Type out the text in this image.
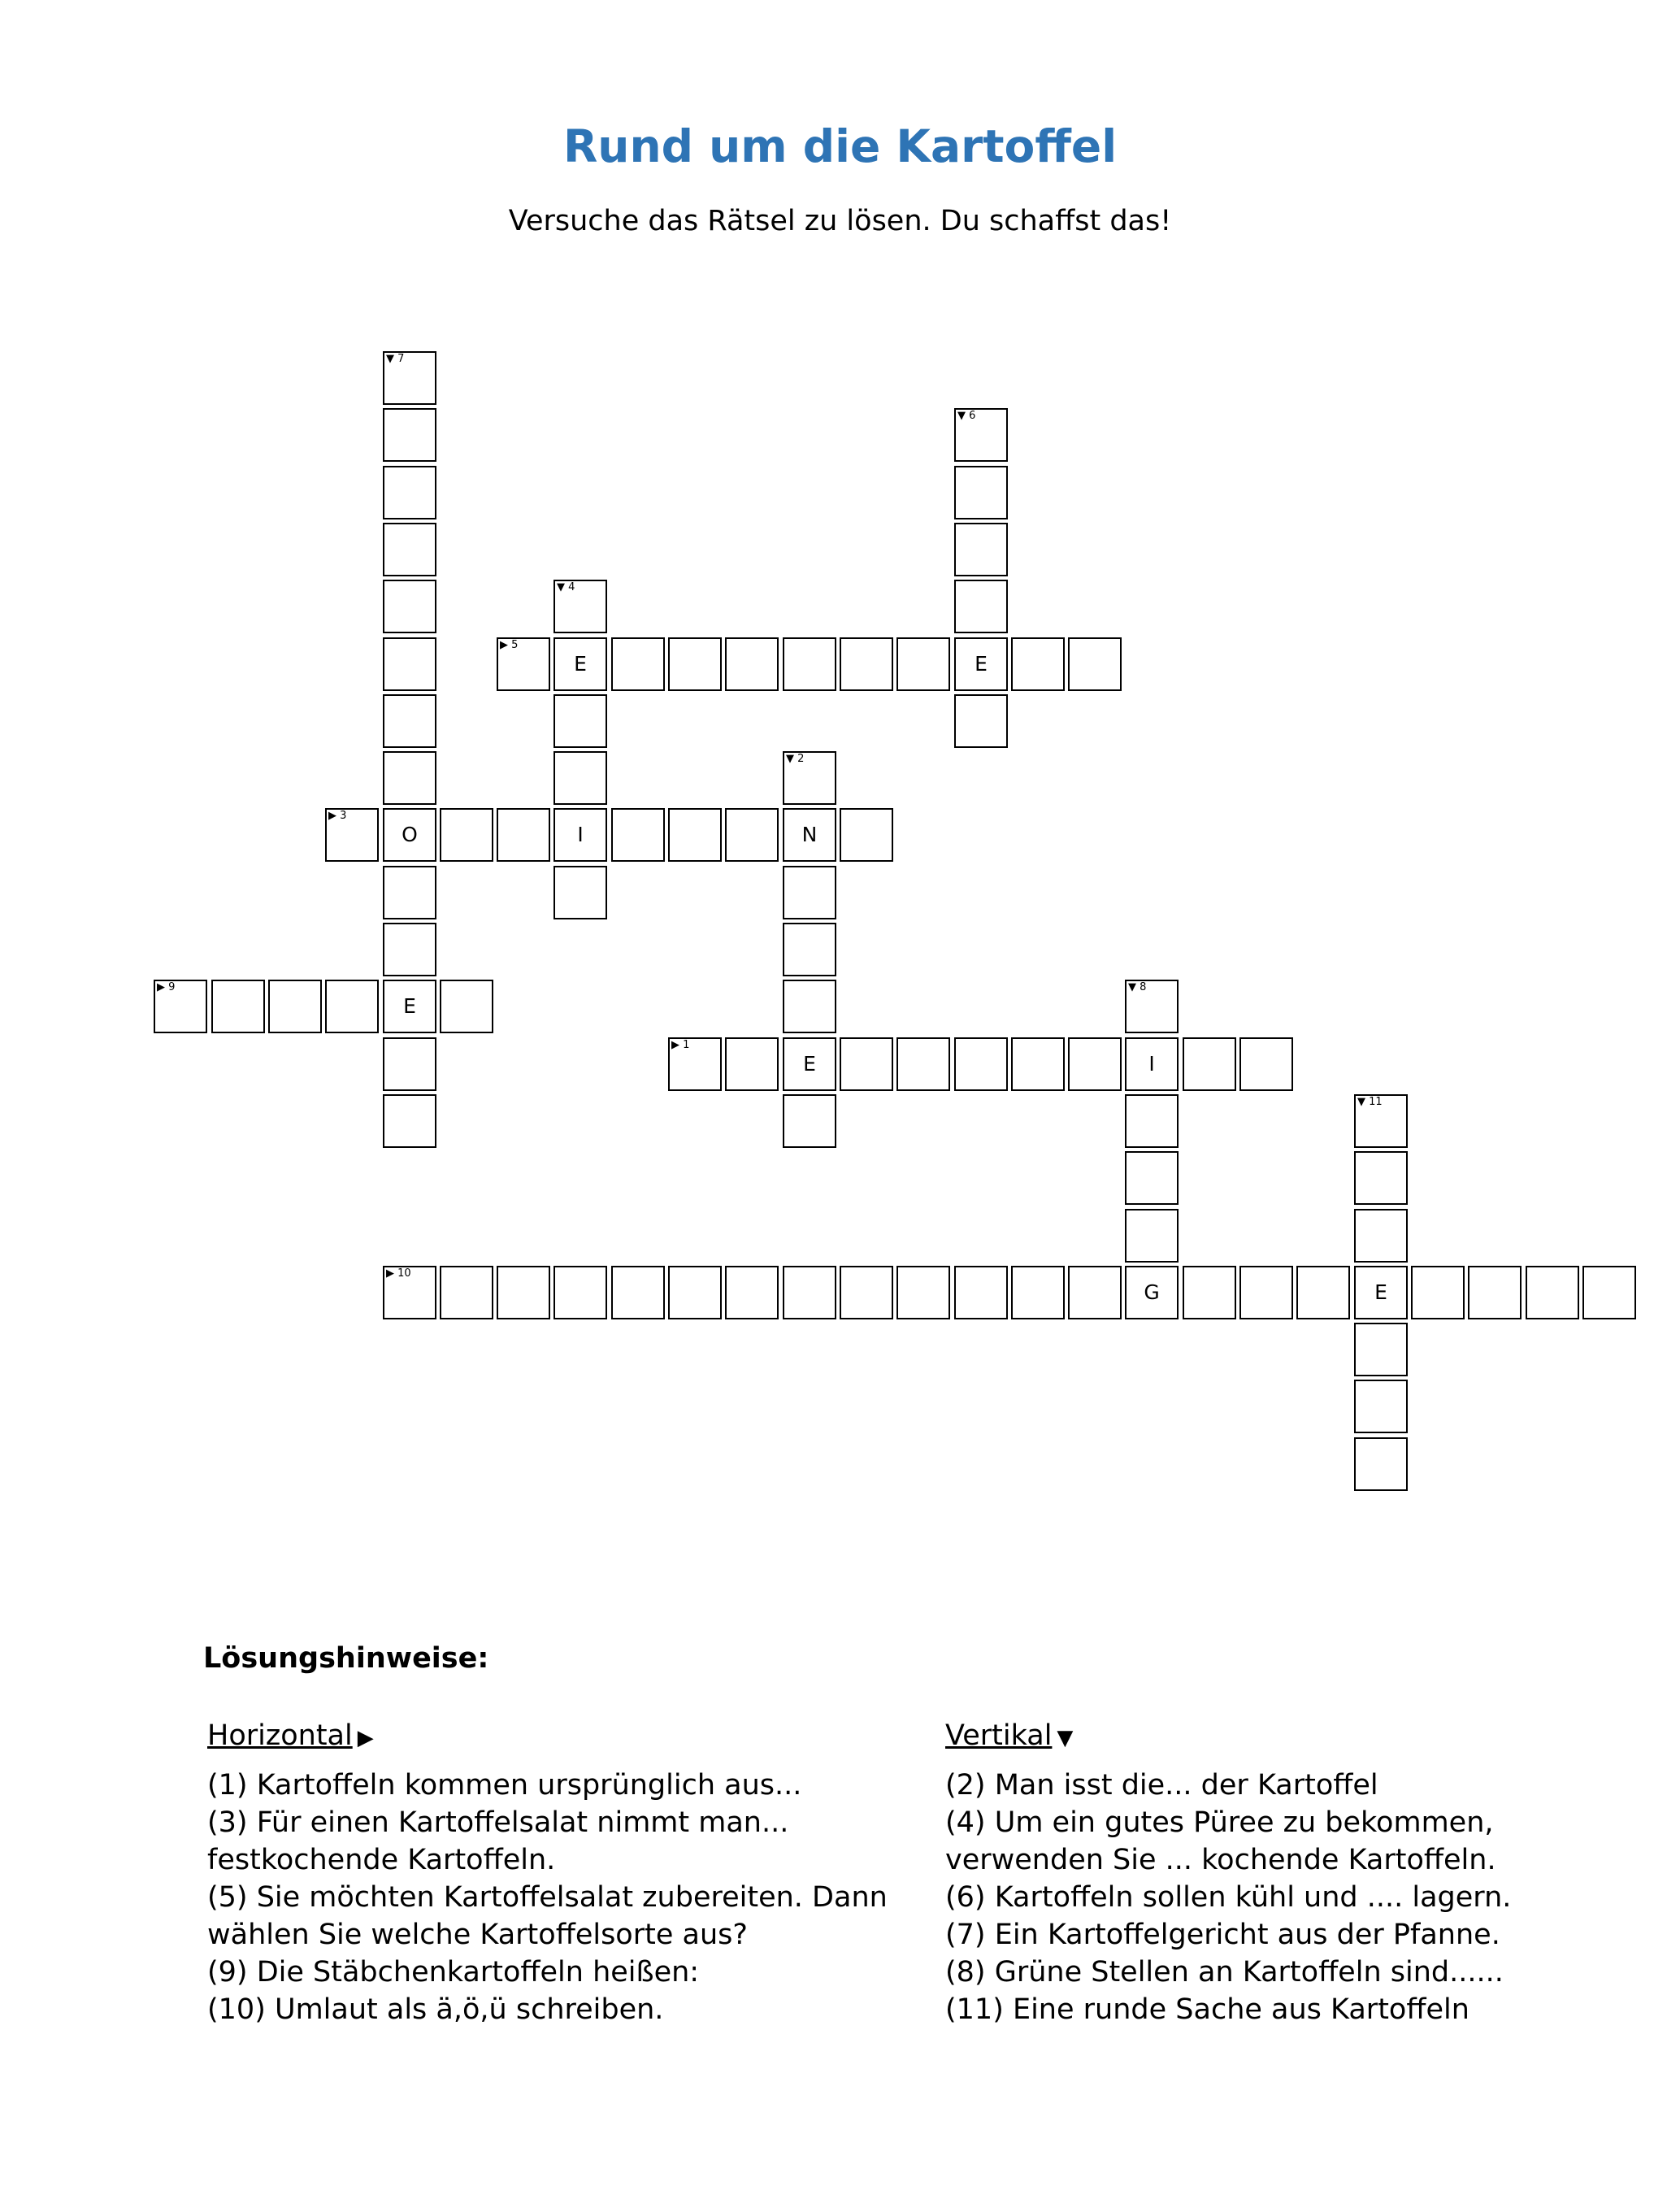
Rund um die Kartoffel
Versuche das Rätsel zu lösen. Du schaffst das!
▶ 1
E	I
▼ 2
N
▶ 3
O	I
▼ 4
E
▶ 5
E
▼ 6
▼ 7
E
▼ 8
▶ 9
▶ 10
G	E
▼ 11
Lösungshinweise:
Horizontal ▶

(1) Kartoffeln kommen ursprünglich aus...

(3) Für einen Kartoffelsalat nimmt man...

festkochende Kartoffeln.

(5) Sie möchten Kartoffelsalat zubereiten. Dann

wählen Sie welche Kartoffelsorte aus?

(9) Die Stäbchenkartoffeln heißen:

(10) Umlaut als ä,ö,ü schreiben.

Vertikal ▼

(2) Man isst die... der Kartoffel

(4) Um ein gutes Püree zu bekommen,

verwenden Sie ... kochende Kartoffeln.

(6) Kartoffeln sollen kühl und .... lagern.

(7) Ein Kartoffelgericht aus der Pfanne.

(8) Grüne Stellen an Kartoffeln sind......

(11) Eine runde Sache aus Kartoffeln
